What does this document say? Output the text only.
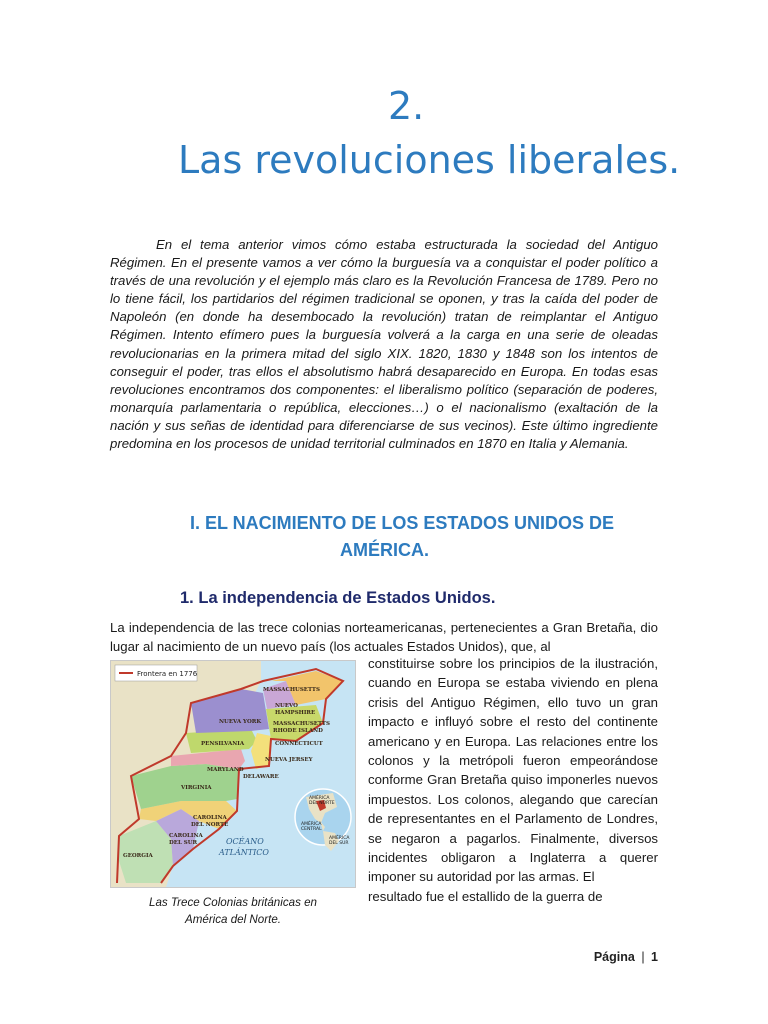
2.
Las revoluciones liberales.

En el tema anterior vimos cómo estaba estructurada la sociedad del Antiguo Régimen. En el presente vamos a ver cómo la burguesía va a conquistar el poder político a través de una revolución y el ejemplo más claro es la Revolución Francesa de 1789. Pero no lo tiene fácil, los partidarios del régimen tradicional se oponen, y tras la caída del poder de Napoleón (en donde ha desembocado la revolución) tratan de reimplantar el Antiguo Régimen. Intento efímero pues la burguesía volverá a la carga en una serie de oleadas revolucionarias en la primera mitad del siglo XIX. 1820, 1830 y 1848 son los intentos de conseguir el poder, tras ellos el absolutismo habrá desaparecido en Europa. En todas esas revoluciones encontramos dos componentes: el liberalismo político (separación de poderes, monarquía parlamentaria o república, elecciones…) o el nacionalismo (exaltación de la nación y sus señas de identidad para diferenciarse de sus vecinos). Este último ingrediente predomina en los procesos de unidad territorial culminados en 1870 en Italia y Alemania.

I. EL NACIMIENTO DE LOS ESTADOS UNIDOS DE
AMÉRICA.
1. La independencia de Estados Unidos.

La independencia de las trece colonias norteamericanas, pertenecientes a Gran Bretaña, dio lugar al nacimiento de un nuevo país (los actuales Estados Unidos), que, al

Frontera en 1776
MASSACHUSETTS
NUEVO
HAMPSHIRE
NUEVA YORK MASSACHUSETTS
RHODE ISLAND
CONNECTICUT
PENSILVANIA
NUEVA JERSEY
MARYLAND
DELAWARE
VIRGINIA
CAROLINA
DEL NORTE
CAROLINA
DEL SUR
GEORGIA
OCÉANO
ATLÁNTICO
AMÉRICA
DEL NORTE
AMÉRICA
CENTRAL
AMÉRICA
DEL SUR

Las Trece Colonias británicas en
América del Norte.

constituirse sobre los principios de la ilustración, cuando en Europa se estaba viviendo en plena crisis del Antiguo Régimen, ello tuvo un gran impacto e influyó sobre el resto del continente americano y en Europa. Las relaciones entre los colonos y la metrópoli fueron empeorándose conforme Gran Bretaña quiso imponerles nuevos impuestos. Los colonos, alegando que carecían de representantes en el Parlamento de Londres, se negaron a pagarlos. Finalmente, diversos incidentes obligaron a Inglaterra a querer imponer su autoridad por las armas. El
resultado fue el estallido de la guerra de

Página | 1
